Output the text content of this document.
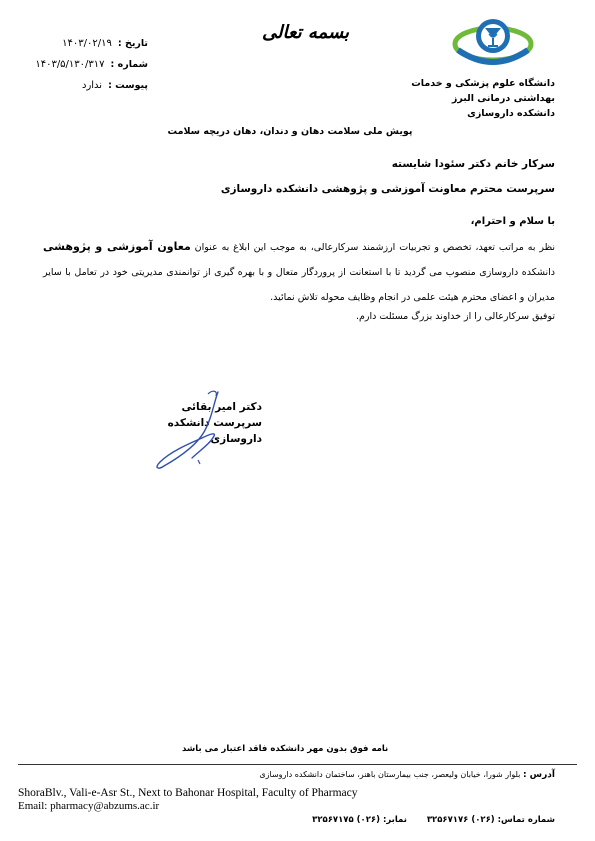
دانشگاه علوم پزشکی و خدمات
بهداشتی درمانی البرز
دانشکده داروسازی
بسمه تعالی
تاریخ :
۱۴۰۳/۰۲/۱۹
شماره :
۱۴۰۳/۵/۱۳۰/۳۱۷
پیوست :
ندارد
پویش ملی سلامت دهان و دندان، دهان دریچه سلامت
سرکار خانم دکتر سئودا شایسته
سرپرست محترم معاونت آموزشی و پژوهشی دانشکده داروسازی
با سلام و احترام،
نظر به مراتب تعهد، تخصص و تجربیات ارزشمند سرکارعالی، به موجب این ابلاغ به عنوان معاون آموزشی و پژوهشی دانشکده داروسازی منصوب می گردید تا با استعانت از پروردگار متعال و با بهره گیری از توانمندی مدیریتی خود در تعامل با سایر مدیران و اعضای محترم هیئت علمی در انجام وظایف محوله تلاش نمائید.
توفیق سرکارعالی را از خداوند بزرگ مسئلت دارم.
دکتر امیر بقائی
سرپرست دانشکده داروسازی
نامه فوق بدون مهر دانشکده فاقد اعتبار می باشد
آدرس : بلوار شورا، خیابان ولیعصر، جنب بیمارستان باهنر، ساختمان دانشکده داروسازی
ShoraBlv., Vali-e-Asr St., Next to Bahonar Hospital, Faculty of Pharmacy
Email: pharmacy@abzums.ac.ir
شماره تماس: (۰۲۶) ۳۲۵۶۷۱۷۶  نمابر: (۰۲۶) ۳۲۵۶۷۱۷۵
